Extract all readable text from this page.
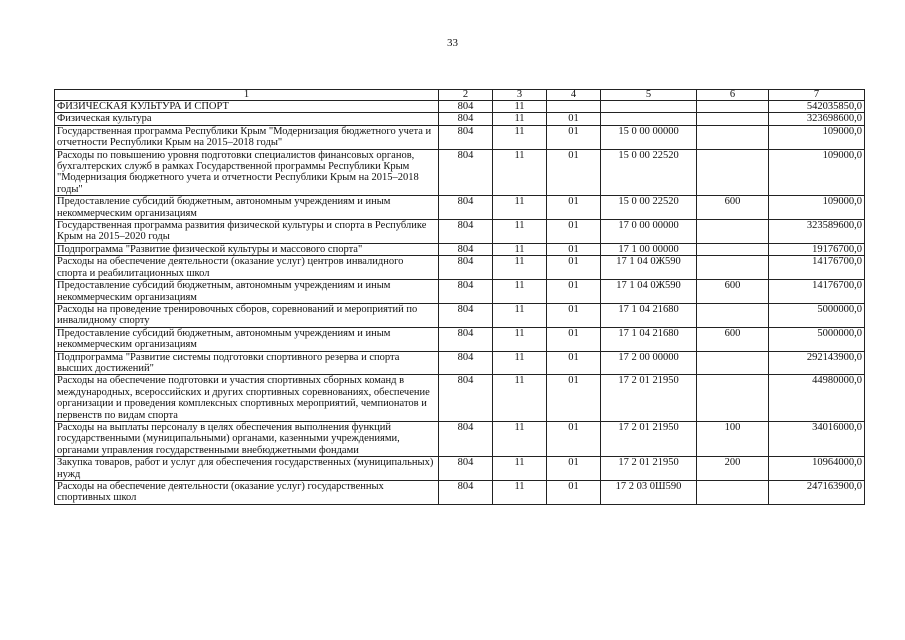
33
1	2	3	4	5	6	7
ФИЗИЧЕСКАЯ КУЛЬТУРА И СПОРТ	804	11				542035850,0
Физическая культура	804	11	01			323698600,0
Государственная программа Республики Крым "Модернизация бюджетного учета и отчетности Республики Крым на 2015–2018 годы"	804	11	01	15 0 00 00000		109000,0
Расходы по повышению уровня подготовки специалистов финансовых органов, бухгалтерских служб в рамках Государственной программы Республики Крым "Модернизация бюджетного учета и отчетности Республики Крым на 2015–2018 годы"	804	11	01	15 0 00 22520		109000,0
Предоставление субсидий бюджетным, автономным учреждениям и иным некоммерческим организациям	804	11	01	15 0 00 22520	600	109000,0
Государственная программа развития физической культуры и спорта в Республике Крым на 2015–2020 годы	804	11	01	17 0 00 00000		323589600,0
Подпрограмма "Развитие физической культуры и массового спорта"	804	11	01	17 1 00 00000		19176700,0
Расходы на обеспечение деятельности (оказание услуг) центров инвалидного спорта и реабилитационных школ	804	11	01	17 1 04 0Ж590		14176700,0
Предоставление субсидий бюджетным, автономным учреждениям и иным некоммерческим организациям	804	11	01	17 1 04 0Ж590	600	14176700,0
Расходы на проведение тренировочных сборов, соревнований и мероприятий по инвалидному спорту	804	11	01	17 1 04 21680		5000000,0
Предоставление субсидий бюджетным, автономным учреждениям и иным некоммерческим организациям	804	11	01	17 1 04 21680	600	5000000,0
Подпрограмма "Развитие системы подготовки спортивного резерва и спорта высших достижений"	804	11	01	17 2 00 00000		292143900,0
Расходы на обеспечение подготовки и участия спортивных сборных команд в международных, всероссийских и других спортивных соревнованиях, обеспечение организации и проведения комплексных спортивных мероприятий, чемпионатов и первенств по видам спорта	804	11	01	17 2 01 21950		44980000,0
Расходы на выплаты персоналу в целях обеспечения выполнения функций государственными (муниципальными) органами, казенными учреждениями, органами управления государственными внебюджетными фондами	804	11	01	17 2 01 21950	100	34016000,0
Закупка товаров, работ и услуг для обеспечения государственных (муниципальных) нужд	804	11	01	17 2 01 21950	200	10964000,0
Расходы на обеспечение деятельности (оказание услуг) государственных спортивных школ	804	11	01	17 2 03 0Ш590		247163900,0
